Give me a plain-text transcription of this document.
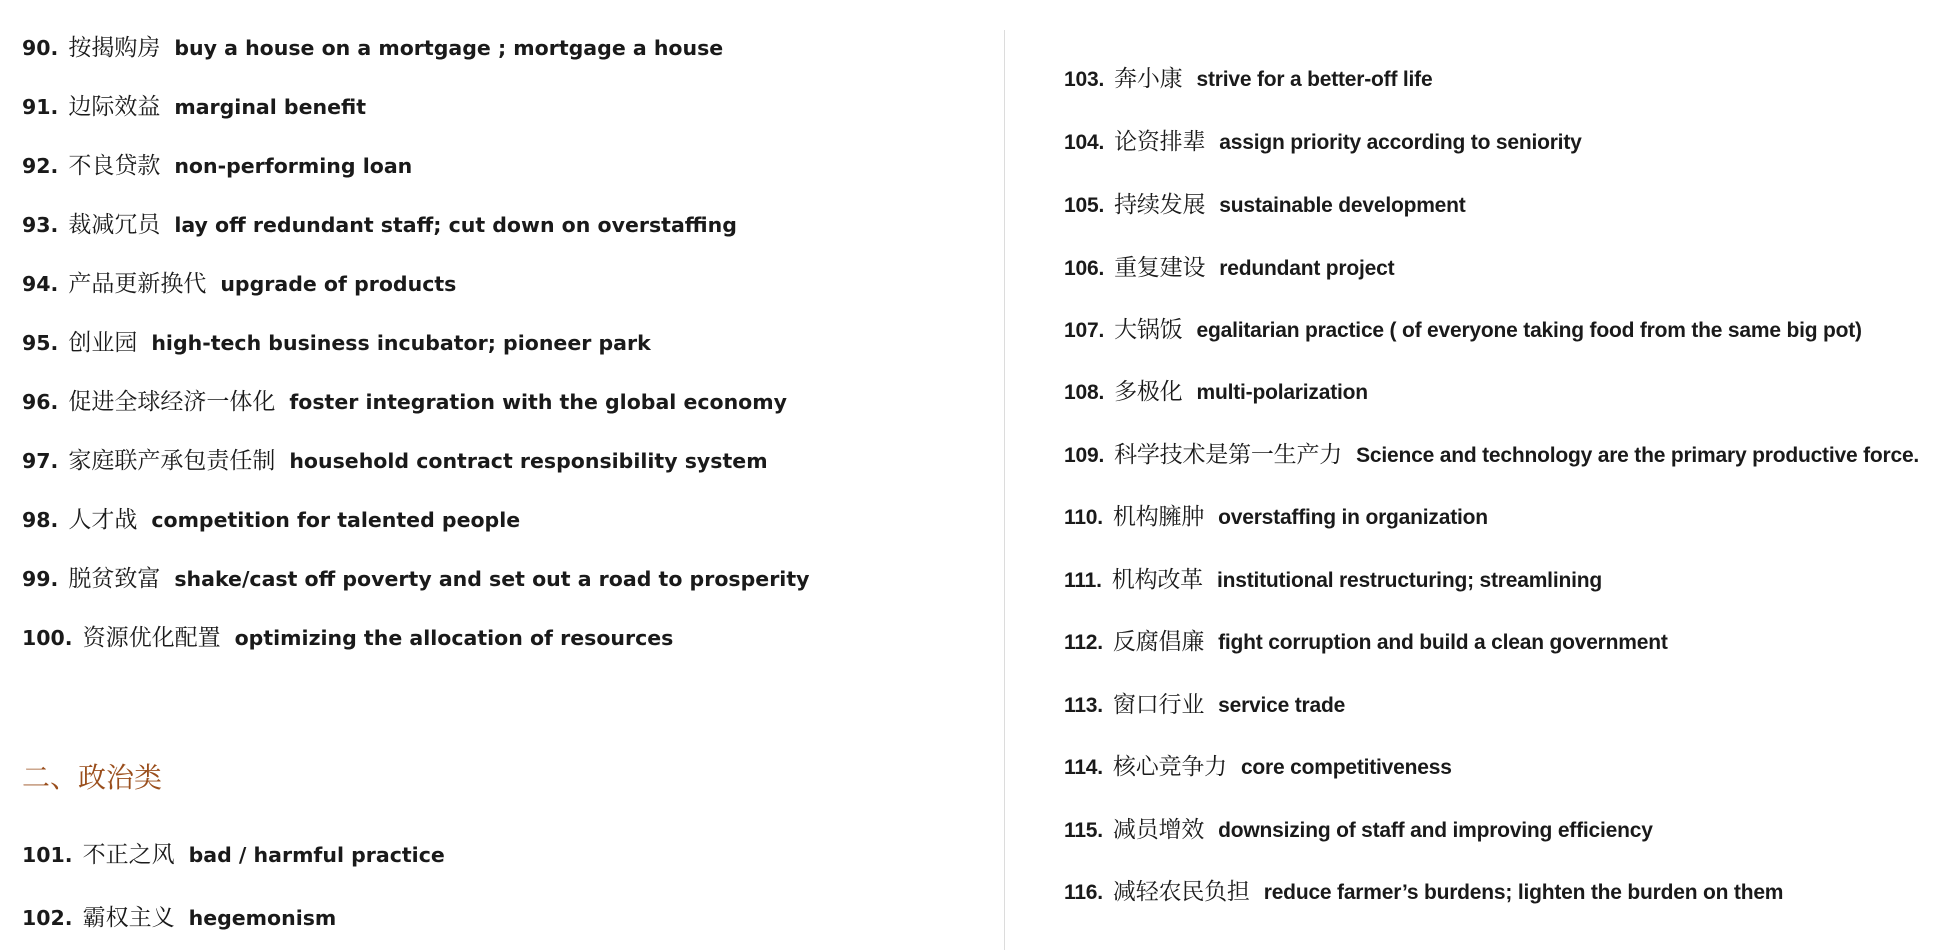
90. 按揭购房 buy a house on a mortgage ; mortgage a house
91. 边际效益 marginal benefit
92. 不良贷款 non-performing loan
93. 裁减冗员 lay off redundant staff; cut down on overstaffing
94. 产品更新换代 upgrade of products
95. 创业园 high-tech business incubator; pioneer park
96. 促进全球经济一体化 foster integration with the global economy
97. 家庭联产承包责任制 household contract responsibility system
98. 人才战 competition for talented people
99. 脱贫致富 shake/cast off poverty and set out a road to prosperity
100. 资源优化配置 optimizing the allocation of resources
二、政治类
101. 不正之风 bad / harmful practice
102. 霸权主义 hegemonism
103. 奔小康 strive for a better-off life
104. 论资排辈 assign priority according to seniority
105. 持续发展 sustainable development
106. 重复建设 redundant project
107. 大锅饭 egalitarian practice ( of everyone taking food from the same big pot)
108. 多极化 multi-polarization
109. 科学技术是第一生产力 Science and technology are the primary productive force.
110. 机构臃肿 overstaffing in organization
111. 机构改革 institutional restructuring; streamlining
112. 反腐倡廉 fight corruption and build a clean government
113. 窗口行业 service trade
114. 核心竞争力 core competitiveness
115. 减员增效 downsizing of staff and improving efficiency
116. 减轻农民负担 reduce farmer’s burdens; lighten the burden on them
